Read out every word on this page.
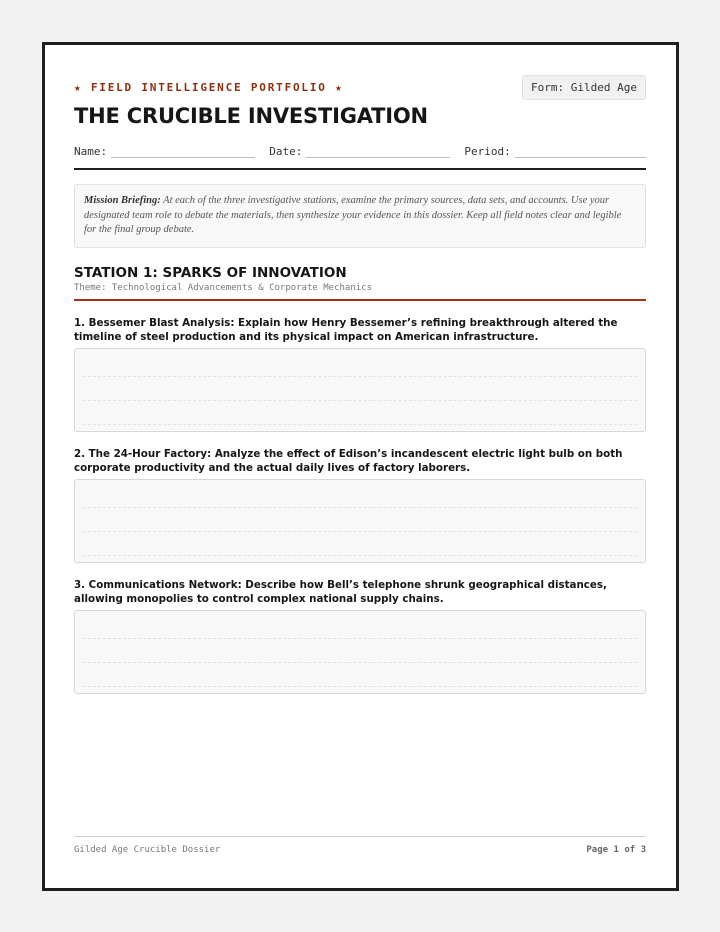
★ FIELD INTELLIGENCE PORTFOLIO ★	Form: Gilded Age
THE CRUCIBLE INVESTIGATION
Name:	Date:	Period:
Mission Briefing: At each of the three investigative stations, examine the primary sources, data sets, and accounts. Use your designated team role to debate the materials, then synthesize your evidence in this dossier. Keep all field notes clear and legible for the final group debate.
STATION 1: SPARKS OF INNOVATION
Theme: Technological Advancements & Corporate Mechanics
1. Bessemer Blast Analysis: Explain how Henry Bessemer’s refining breakthrough altered the timeline of steel production and its physical impact on American infrastructure.
2. The 24-Hour Factory: Analyze the effect of Edison’s incandescent electric light bulb on both corporate productivity and the actual daily lives of factory laborers.
3. Communications Network: Describe how Bell’s telephone shrunk geographical distances, allowing monopolies to control complex national supply chains.
Gilded Age Crucible Dossier	Page 1 of 3
